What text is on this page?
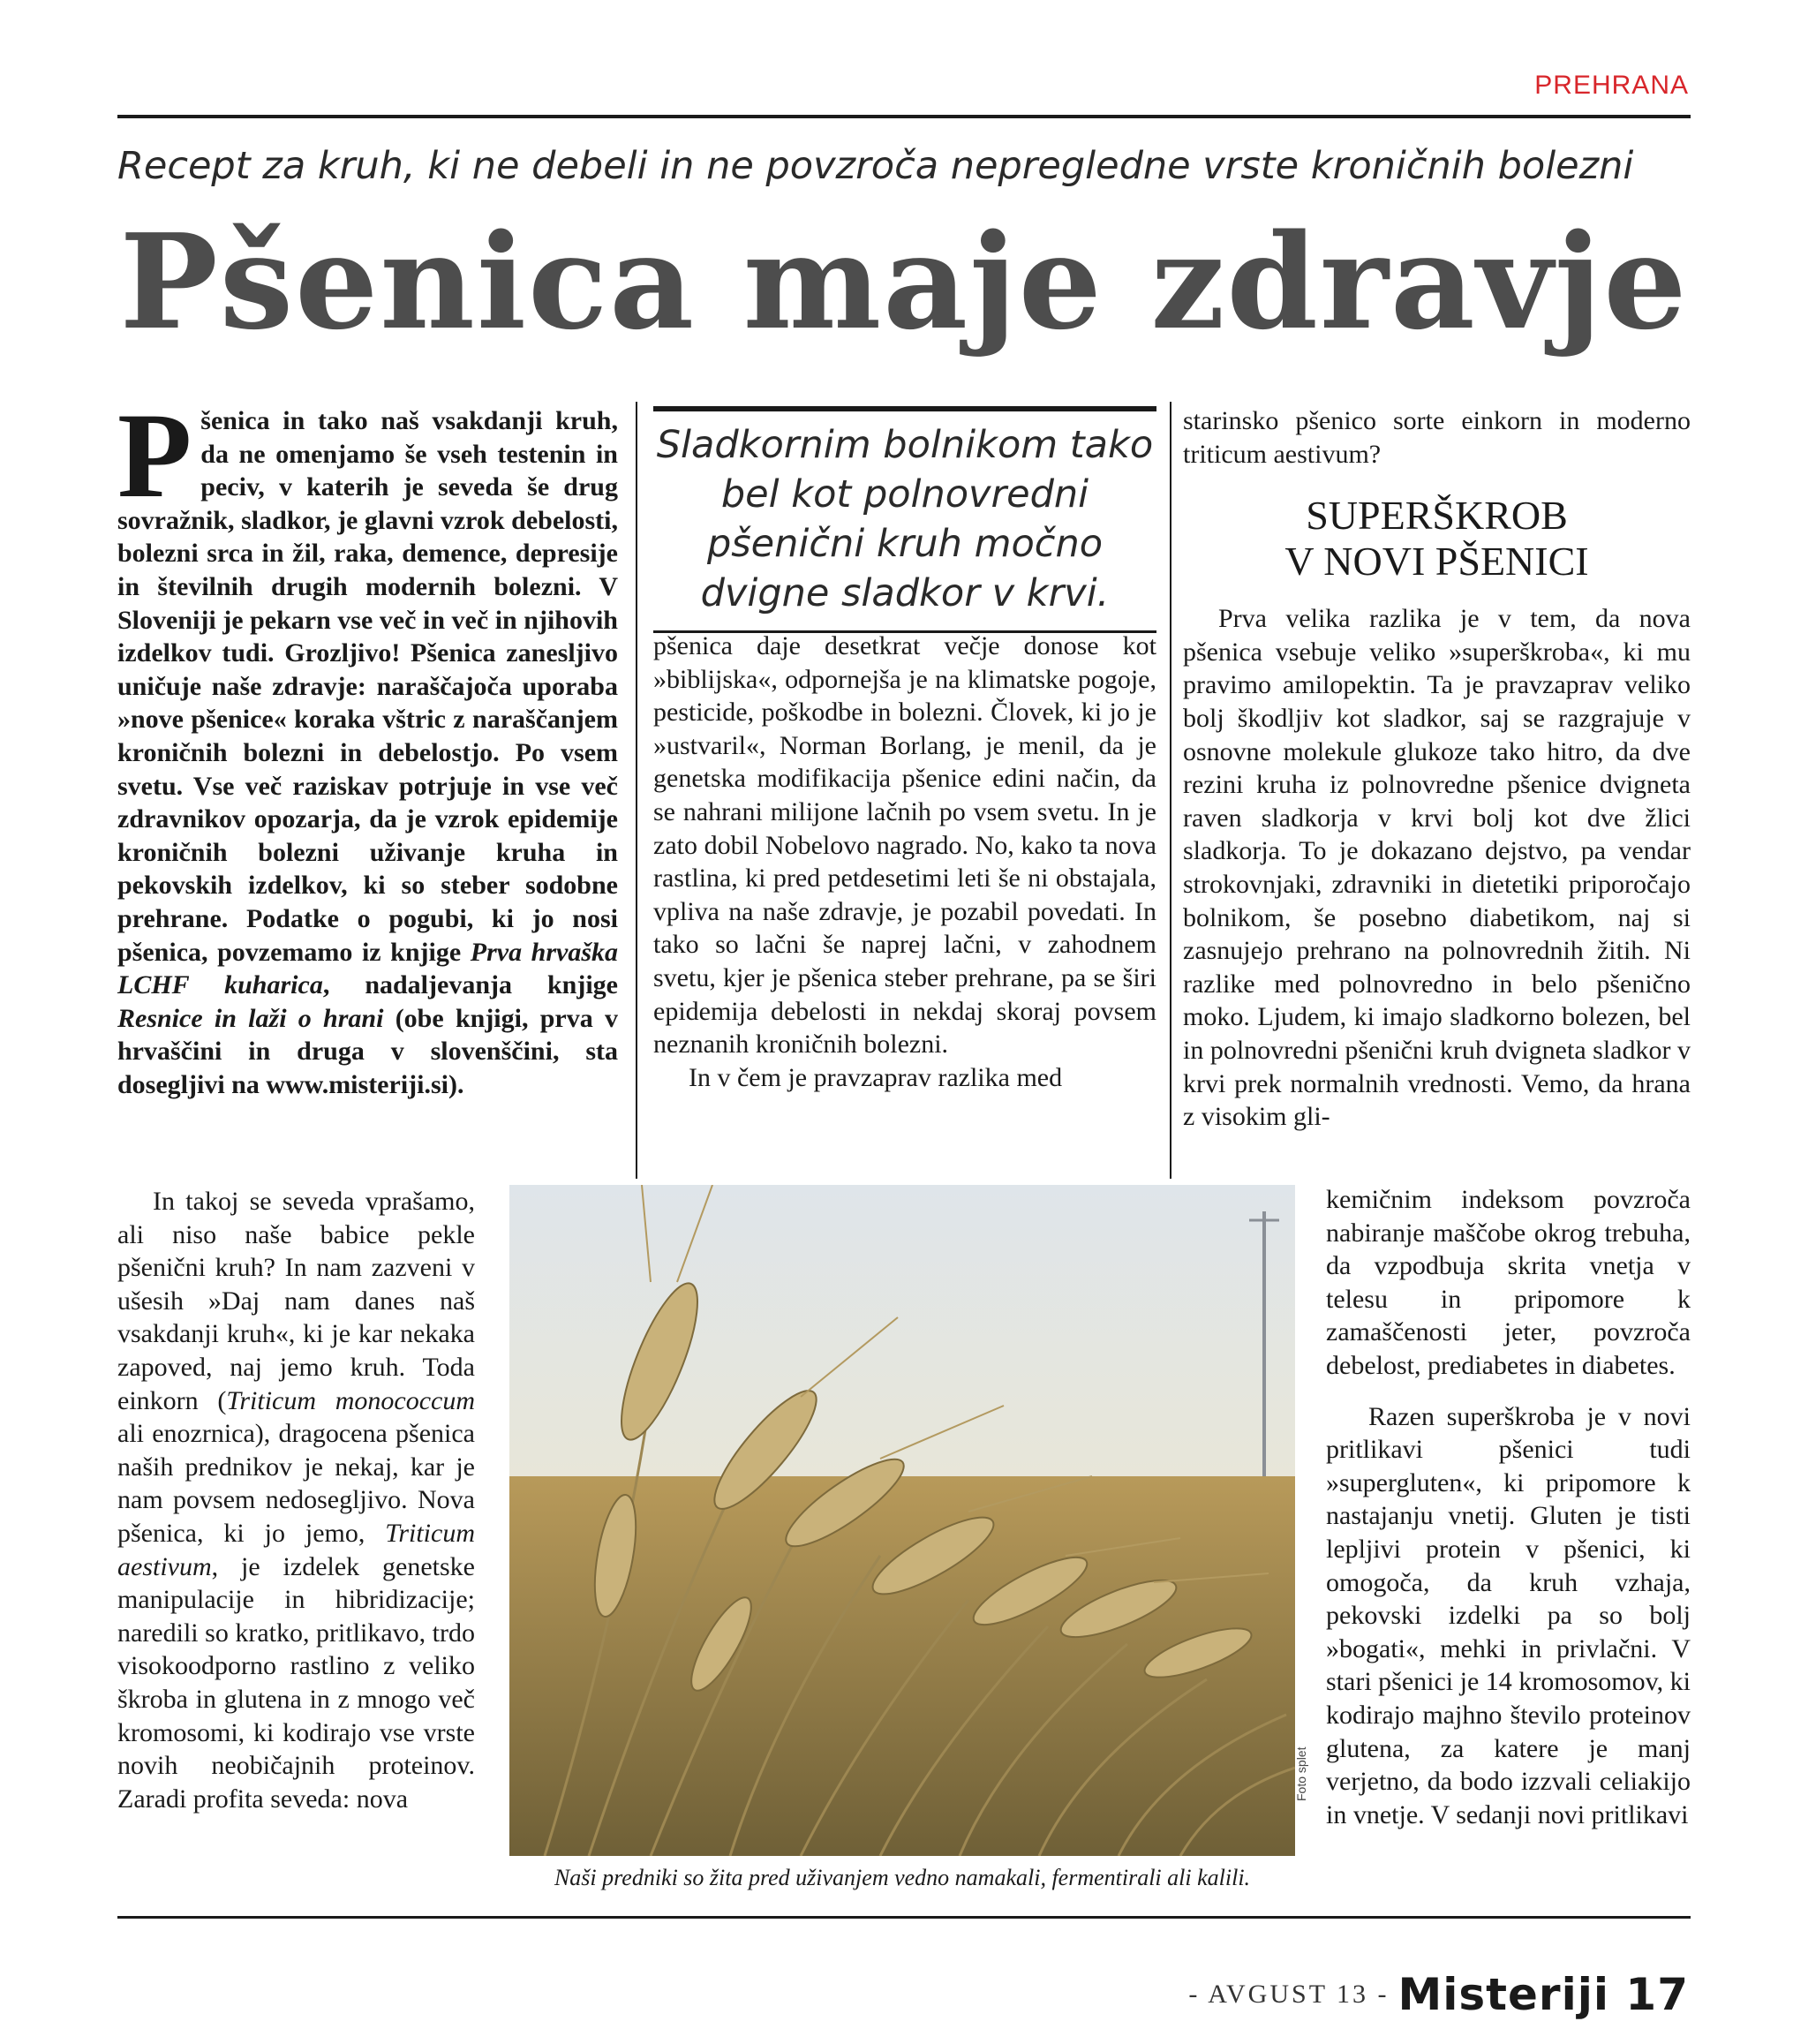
PREHRANA
Recept za kruh, ki ne debeli in ne povzroča nepregledne vrste kroničnih bolezni
Pšenica maje zdravje
P šenica in tako naš vsakdanji kruh, da ne omenjamo še vseh testenin in peciv, v katerih je seveda še drug sovražnik, sladkor, je glavni vzrok debelosti, bolezni srca in žil, raka, demence, depresije in številnih drugih modernih bolezni. V Sloveniji je pekarn vse več in več in njihovih izdelkov tudi. Grozljivo! Pšenica zanesljivo uničuje naše zdravje: naraščajoča uporaba »nove pšenice« koraka vštric z naraščanjem kroničnih bolezni in debelostjo. Po vsem svetu. Vse več raziskav potrjuje in vse več zdravnikov opozarja, da je vzrok epidemije kroničnih bolezni uživanje kruha in pekovskih izdelkov, ki so steber sodobne prehrane. Podatke o pogubi, ki jo nosi pšenica, povzemamo iz knjige Prva hrvaška LCHF kuharica, nadaljevanja knjige Resnice in laži o hrani (obe knjigi, prva v hrvaščini in druga v slovenščini, sta dosegljivi na www.misteriji.si).

In takoj se seveda vprašamo, ali niso naše babice pekle pšenični kruh? In nam zazveni v ušesih »Daj nam danes naš vsakdanji kruh«, ki je kar nekaka zapoved, naj jemo kruh. Toda einkorn (Triticum monococcum ali enozrnica), dragocena pšenica naših prednikov je nekaj, kar je nam povsem nedosegljivo. Nova pšenica, ki jo jemo, Triticum aestivum, je izdelek genetske manipulacije in hibridizacije; naredili so kratko, pritlikavo, trdo visokoodporno rastlino z veliko škroba in glutena in z mnogo več kromosomi, ki kodirajo vse vrste novih neobičajnih proteinov. Zaradi profita seveda: nova

Sladkornim bolnikom tako bel kot polnovredni pšenični kruh močno dvigne sladkor v krvi.

pšenica daje desetkrat večje donose kot »biblijska«, odpornejša je na klimatske pogoje, pesticide, poškodbe in bolezni. Človek, ki jo je »ustvaril«, Norman Borlang, je menil, da je genetska modifikacija pšenice edini način, da se nahrani milijone lačnih po vsem svetu. In je zato dobil Nobelovo nagrado. No, kako ta nova rastlina, ki pred petdesetimi leti še ni obstajala, vpliva na naše zdravje, je pozabil povedati. In tako so lačni še naprej lačni, v zahodnem svetu, kjer je pšenica steber prehrane, pa se širi epidemija debelosti in nekdaj skoraj povsem neznanih kroničnih bolezni.

In v čem je pravzaprav razlika med

starinsko pšenico sorte einkorn in moderno triticum aestivum?

SUPERŠKROB
V NOVI PŠENICI

Prva velika razlika je v tem, da nova pšenica vsebuje veliko »superškroba«, ki mu pravimo amilopektin. Ta je pravzaprav veliko bolj škodljiv kot sladkor, saj se razgrajuje v osnovne molekule glukoze tako hitro, da dve rezini kruha iz polnovredne pšenice dvigneta raven sladkorja v krvi bolj kot dve žlici sladkorja. To je dokazano dejstvo, pa vendar strokovnjaki, zdravniki in dietetiki priporočajo bolnikom, še posebno diabetikom, naj si zasnujejo prehrano na polnovrednih žitih. Ni razlike med polnovredno in belo pšenično moko. Ljudem, ki imajo sladkorno bolezen, bel in polnovredni pšenični kruh dvigneta sladkor v krvi prek normalnih vrednosti. Vemo, da hrana z visokim gli-

kemičnim indeksom povzroča nabiranje maščobe okrog trebuha, da vzpodbuja skrita vnetja v telesu in pripomore k zamaščenosti jeter, povzroča debelost, prediabetes in diabetes.

Razen superškroba je v novi pritlikavi pšenici tudi »supergluten«, ki pripomore k nastajanju vnetij. Gluten je tisti lepljivi protein v pšenici, ki omogoča, da kruh vzhaja, pekovski izdelki pa so bolj »bogati«, mehki in privlačni. V stari pšenici je 14 kromosomov, ki kodirajo majhno število proteinov glutena, za katere je manj verjetno, da bodo izzvali celiakijo in vnetje. V sedanji novi pritlikavi

Foto splet
Naši predniki so žita pred uživanjem vedno namakali, fermentirali ali kalili.
- AVGUST 13 - Misteriji 17
